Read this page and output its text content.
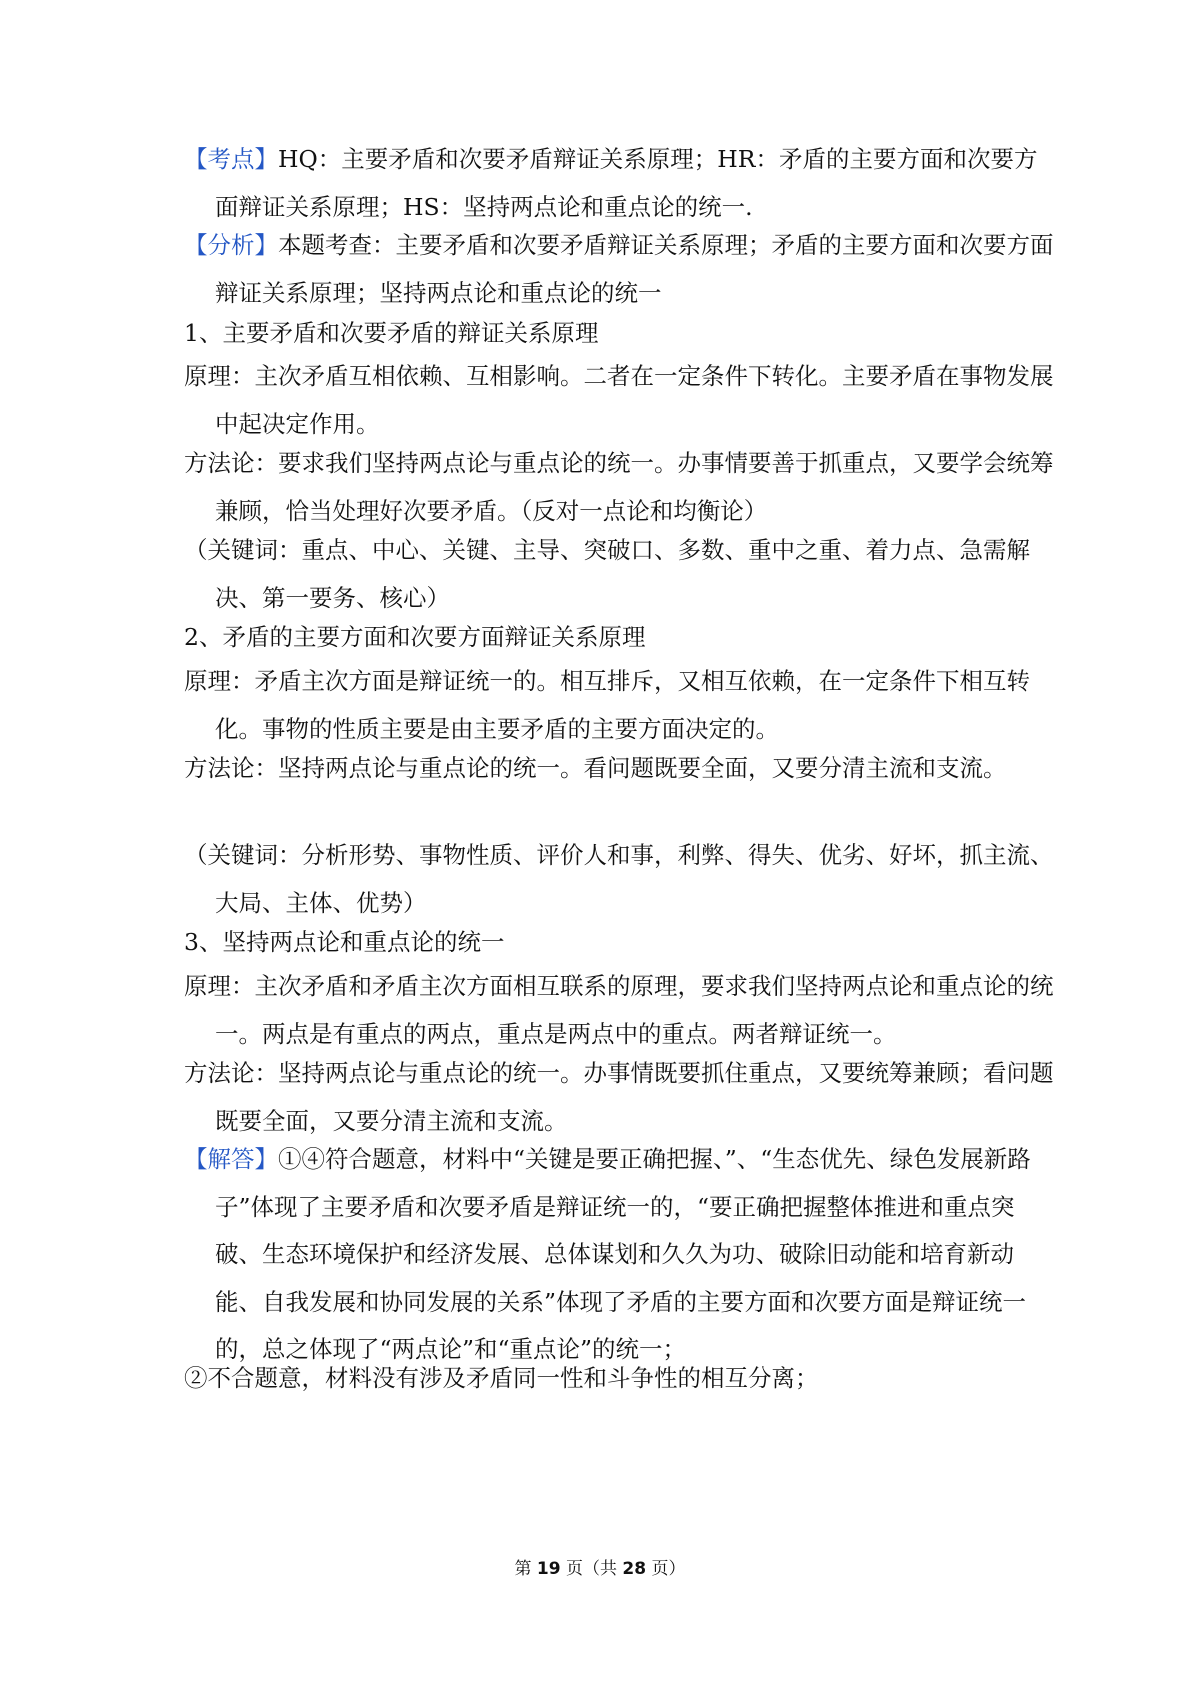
【考点】HQ：主要矛盾和次要矛盾辩证关系原理；HR：矛盾的主要方面和次要方面辩证关系原理；HS：坚持两点论和重点论的统一.

【分析】本题考查：主要矛盾和次要矛盾辩证关系原理；矛盾的主要方面和次要方面辩证关系原理；坚持两点论和重点论的统一

1、主要矛盾和次要矛盾的辩证关系原理

原理：主次矛盾互相依赖、互相影响。二者在一定条件下转化。主要矛盾在事物发展中起决定作用。

方法论：要求我们坚持两点论与重点论的统一。办事情要善于抓重点，又要学会统筹兼顾，恰当处理好次要矛盾。（反对一点论和均衡论）

（关键词：重点、中心、关键、主导、突破口、多数、重中之重、着力点、急需解决、第一要务、核心）

2、矛盾的主要方面和次要方面辩证关系原理

原理：矛盾主次方面是辩证统一的。相互排斥，又相互依赖，在一定条件下相互转化。事物的性质主要是由主要矛盾的主要方面决定的。

方法论：坚持两点论与重点论的统一。看问题既要全面，又要分清主流和支流。

（关键词：分析形势、事物性质、评价人和事，利弊、得失、优劣、好坏，抓主流、大局、主体、优势）

3、坚持两点论和重点论的统一

原理：主次矛盾和矛盾主次方面相互联系的原理，要求我们坚持两点论和重点论的统一。两点是有重点的两点，重点是两点中的重点。两者辩证统一。

方法论：坚持两点论与重点论的统一。办事情既要抓住重点，又要统筹兼顾；看问题既要全面，又要分清主流和支流。

【解答】①④符合题意，材料中“关键是要正确把握、”、“生态优先、绿色发展新路子”体现了主要矛盾和次要矛盾是辩证统一的，“要正确把握整体推进和重点突破、生态环境保护和经济发展、总体谋划和久久为功、破除旧动能和培育新动能、自我发展和协同发展的关系”体现了矛盾的主要方面和次要方面是辩证统一的，总之体现了“两点论”和“重点论”的统一；

②不合题意，材料没有涉及矛盾同一性和斗争性的相互分离；

第 19 页（共 28 页）
